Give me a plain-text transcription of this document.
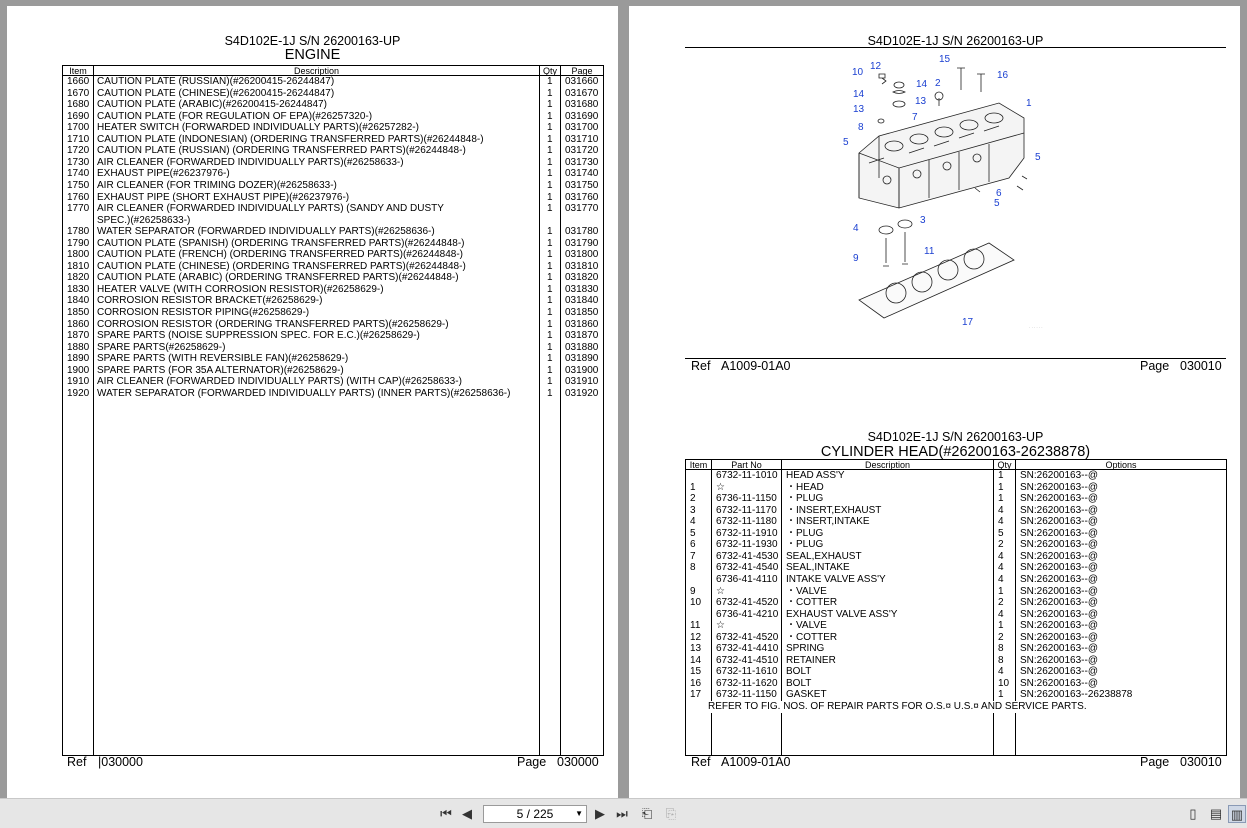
S4D102E-1J S/N 26200163-UP
ENGINE
Item	Description	Qty	Page
1660 CAUTION PLATE (RUSSIAN)(#26200415-26244847)	1 031660
1670 CAUTION PLATE (CHINESE)(#26200415-26244847)	1 031670
1680 CAUTION PLATE (ARABIC)(#26200415-26244847)	1 031680
1690 CAUTION PLATE (FOR REGULATION OF EPA)(#26257320-)	1 031690
1700 HEATER SWITCH (FORWARDED INDIVIDUALLY PARTS)(#26257282-)	1 031700
1710 CAUTION PLATE (INDONESIAN) (ORDERING TRANSFERRED PARTS)(#26244848-)	1 031710
1720 CAUTION PLATE (RUSSIAN) (ORDERING TRANSFERRED PARTS)(#26244848-)	1 031720
1730 AIR CLEANER (FORWARDED INDIVIDUALLY PARTS)(#26258633-)	1 031730
1740 EXHAUST PIPE(#26237976-)	1 031740
1750 AIR CLEANER (FOR TRIMING DOZER)(#26258633-)	1 031750
1760 EXHAUST PIPE (SHORT EXHAUST PIPE)(#26237976-)	1 031760
1770 AIR CLEANER (FORWARDED INDIVIDUALLY PARTS) (SANDY AND DUSTY	1 031770
SPEC.)(#26258633-)
1780 WATER SEPARATOR (FORWARDED INDIVIDUALLY PARTS)(#26258636-)	1 031780
1790 CAUTION PLATE (SPANISH) (ORDERING TRANSFERRED PARTS)(#26244848-)	1 031790
1800 CAUTION PLATE (FRENCH) (ORDERING TRANSFERRED PARTS)(#26244848-)	1 031800
1810 CAUTION PLATE (CHINESE) (ORDERING TRANSFERRED PARTS)(#26244848-)	1 031810
1820 CAUTION PLATE (ARABIC) (ORDERING TRANSFERRED PARTS)(#26244848-)	1 031820
1830 HEATER VALVE (WITH CORROSION RESISTOR)(#26258629-)	1 031830
1840 CORROSION RESISTOR BRACKET(#26258629-)	1 031840
1850 CORROSION RESISTOR PIPING(#26258629-)	1 031850
1860 CORROSION RESISTOR (ORDERING TRANSFERRED PARTS)(#26258629-)	1 031860
1870 SPARE PARTS (NOISE SUPPRESSION SPEC. FOR E.C.)(#26258629-)	1 031870
1880 SPARE PARTS(#26258629-)	1 031880
1890 SPARE PARTS (WITH REVERSIBLE FAN)(#26258629-)	1 031890
1900 SPARE PARTS (FOR 35A ALTERNATOR)(#26258629-)	1 031900
1910 AIR CLEANER (FORWARDED INDIVIDUALLY PARTS) (WITH CAP)(#26258633-)	1 031910
1920 WATER SEPARATOR (FORWARDED INDIVIDUALLY PARTS) (INNER PARTS)(#26258636-)	1 031920
Ref |030000	Page 030000
S4D102E-1J S/N 26200163-UP
1
2
3
4
5
5
5
6
7
8
9
10
11
12
13
13
14
14
15
16
17	· · · · · ·
Ref A1009-01A0	Page 030010
S4D102E-1J S/N 26200163-UP
CYLINDER HEAD(#26200163-26238878)
Item	Part No	Description	Qty	Options
6732-11-1010 HEAD ASS'Y	1 SN:26200163--@
1 ☆	・HEAD	1 SN:26200163--@
2 6736-11-1150 ・PLUG	1 SN:26200163--@
3 6732-11-1170 ・INSERT,EXHAUST	4 SN:26200163--@
4 6732-11-1180 ・INSERT,INTAKE	4 SN:26200163--@
5 6732-11-1910 ・PLUG	5 SN:26200163--@
6 6732-11-1930 ・PLUG	2 SN:26200163--@
7 6732-41-4530 SEAL,EXHAUST	4 SN:26200163--@
8 6732-41-4540 SEAL,INTAKE	4 SN:26200163--@
6736-41-4110 INTAKE VALVE ASS'Y	4 SN:26200163--@
9 ☆	・VALVE	1 SN:26200163--@
10 6732-41-4520 ・COTTER	2 SN:26200163--@
6736-41-4210 EXHAUST VALVE ASS'Y	4 SN:26200163--@
11 ☆	・VALVE	1 SN:26200163--@
12 6732-41-4520 ・COTTER	2 SN:26200163--@
13 6732-41-4410 SPRING	8 SN:26200163--@
14 6732-41-4510 RETAINER	8 SN:26200163--@
15 6732-11-1610 BOLT	4 SN:26200163--@
16 6732-11-1620 BOLT	10 SN:26200163--@
17 6732-11-1150 GASKET	1 SN:26200163--26238878
REFER TO FIG. NOS. OF REPAIR PARTS FOR O.S.¤ U.S.¤ AND SERVICE PARTS.
Ref A1009-01A0	Page 030010
⏮ ◀	5 / 225	▼ ▶ ⏭ ⎗ ⎘	▯	▤ ▥
